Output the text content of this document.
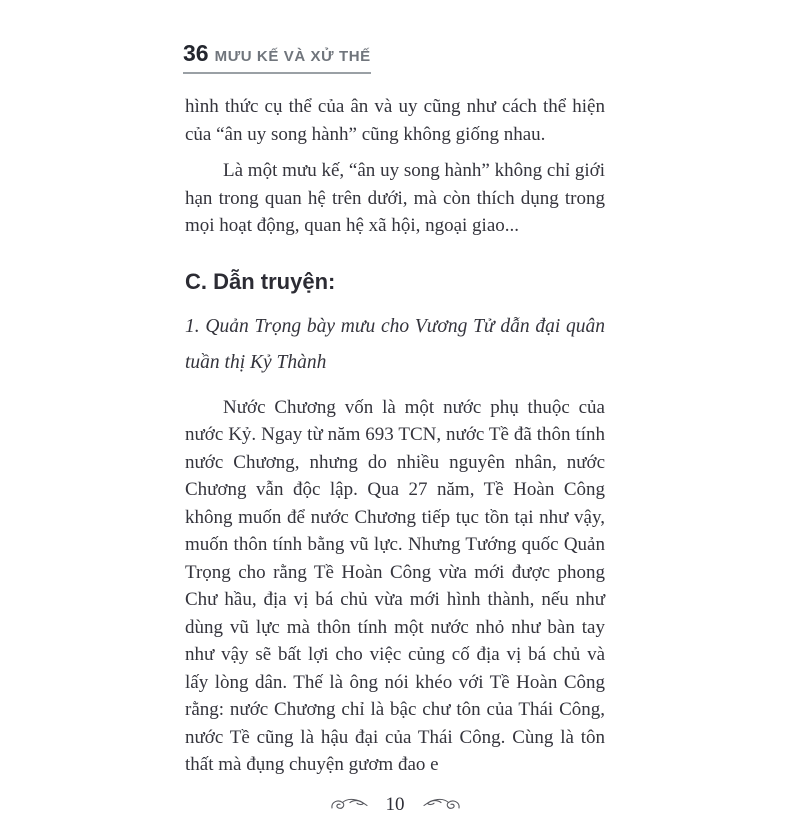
36 MƯU KẾ VÀ XỬ THẾ

hình thức cụ thể của ân và uy cũng như cách thể hiện của “ân uy song hành” cũng không giống nhau.

Là một mưu kế, “ân uy song hành” không chỉ giới hạn trong quan hệ trên dưới, mà còn thích dụng trong mọi hoạt động, quan hệ xã hội, ngoại giao...

C. Dẫn truyện:
1. Quản Trọng bày mưu cho Vương Tử dẫn đại quân tuần thị Kỷ Thành

Nước Chương vốn là một nước phụ thuộc của nước Kỷ. Ngay từ năm 693 TCN, nước Tề đã thôn tính nước Chương, nhưng do nhiều nguyên nhân, nước Chương vẫn độc lập. Qua 27 năm, Tề Hoàn Công không muốn để nước Chương tiếp tục tồn tại như vậy, muốn thôn tính bằng vũ lực. Nhưng Tướng quốc Quản Trọng cho rằng Tề Hoàn Công vừa mới được phong Chư hầu, địa vị bá chủ vừa mới hình thành, nếu như dùng vũ lực mà thôn tính một nước nhỏ như bàn tay như vậy sẽ bất lợi cho việc củng cố địa vị bá chủ và lấy lòng dân. Thế là ông nói khéo với Tề Hoàn Công rằng: nước Chương chỉ là bậc chư tôn của Thái Công, nước Tề cũng là hậu đại của Thái Công. Cùng là tôn thất mà đụng chuyện gươm đao e

10
